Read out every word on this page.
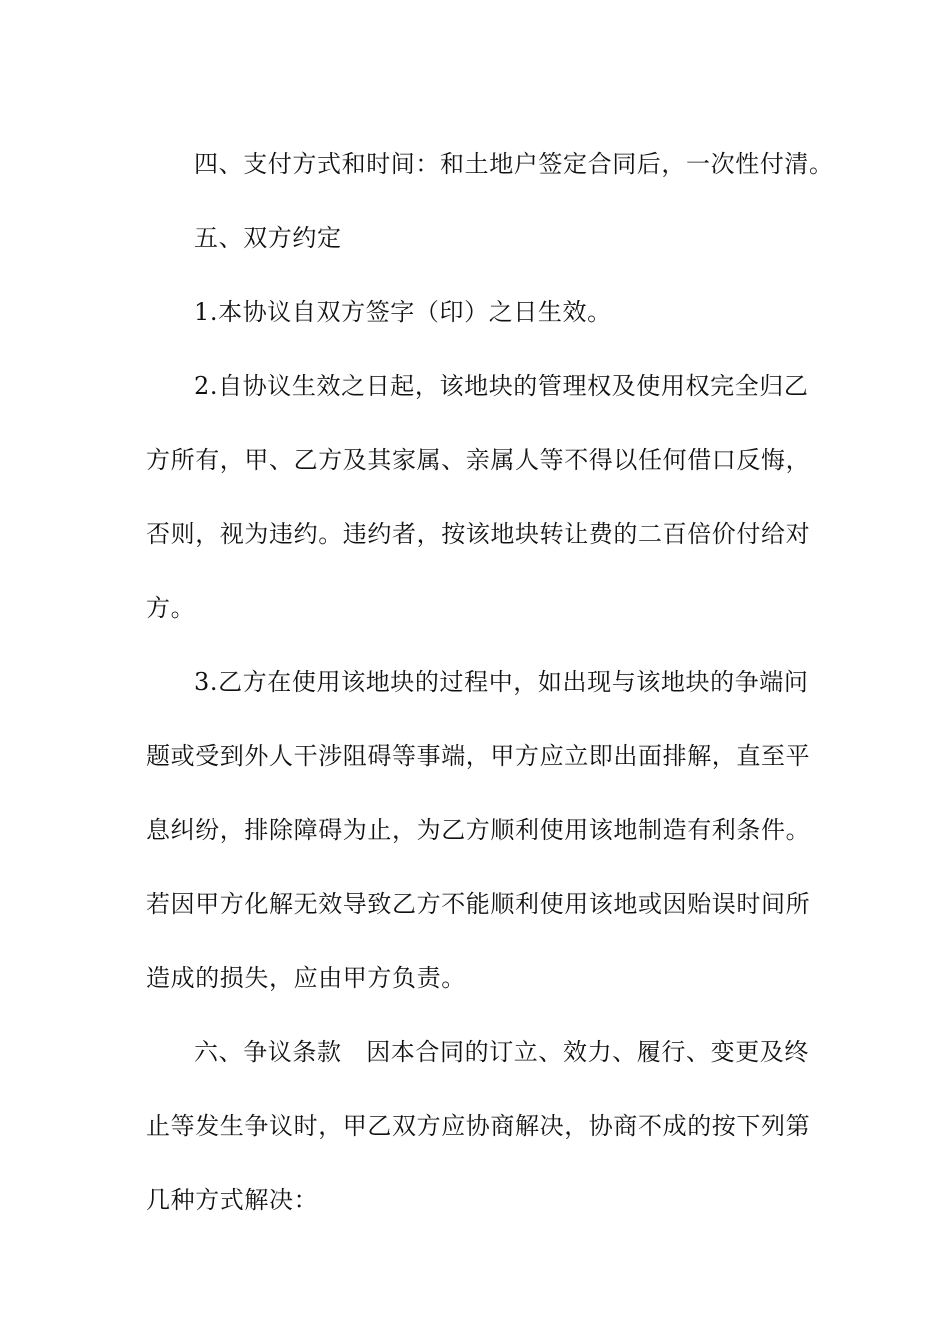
四、支付方式和时间：和土地户签定合同后，一次性付清。
五、双方约定
1.本协议自双方签字（印）之日生效。
2.自协议生效之日起，该地块的管理权及使用权完全归乙
方所有，甲、乙方及其家属、亲属人等不得以任何借口反悔，
否则，视为违约。违约者，按该地块转让费的二百倍价付给对
方。
3.乙方在使用该地块的过程中，如出现与该地块的争端问
题或受到外人干涉阻碍等事端，甲方应立即出面排解，直至平
息纠纷，排除障碍为止，为乙方顺利使用该地制造有利条件。
若因甲方化解无效导致乙方不能顺利使用该地或因贻误时间所
造成的损失，应由甲方负责。
六、争议条款　因本合同的订立、效力、履行、变更及终
止等发生争议时，甲乙双方应协商解决，协商不成的按下列第
几种方式解决：
